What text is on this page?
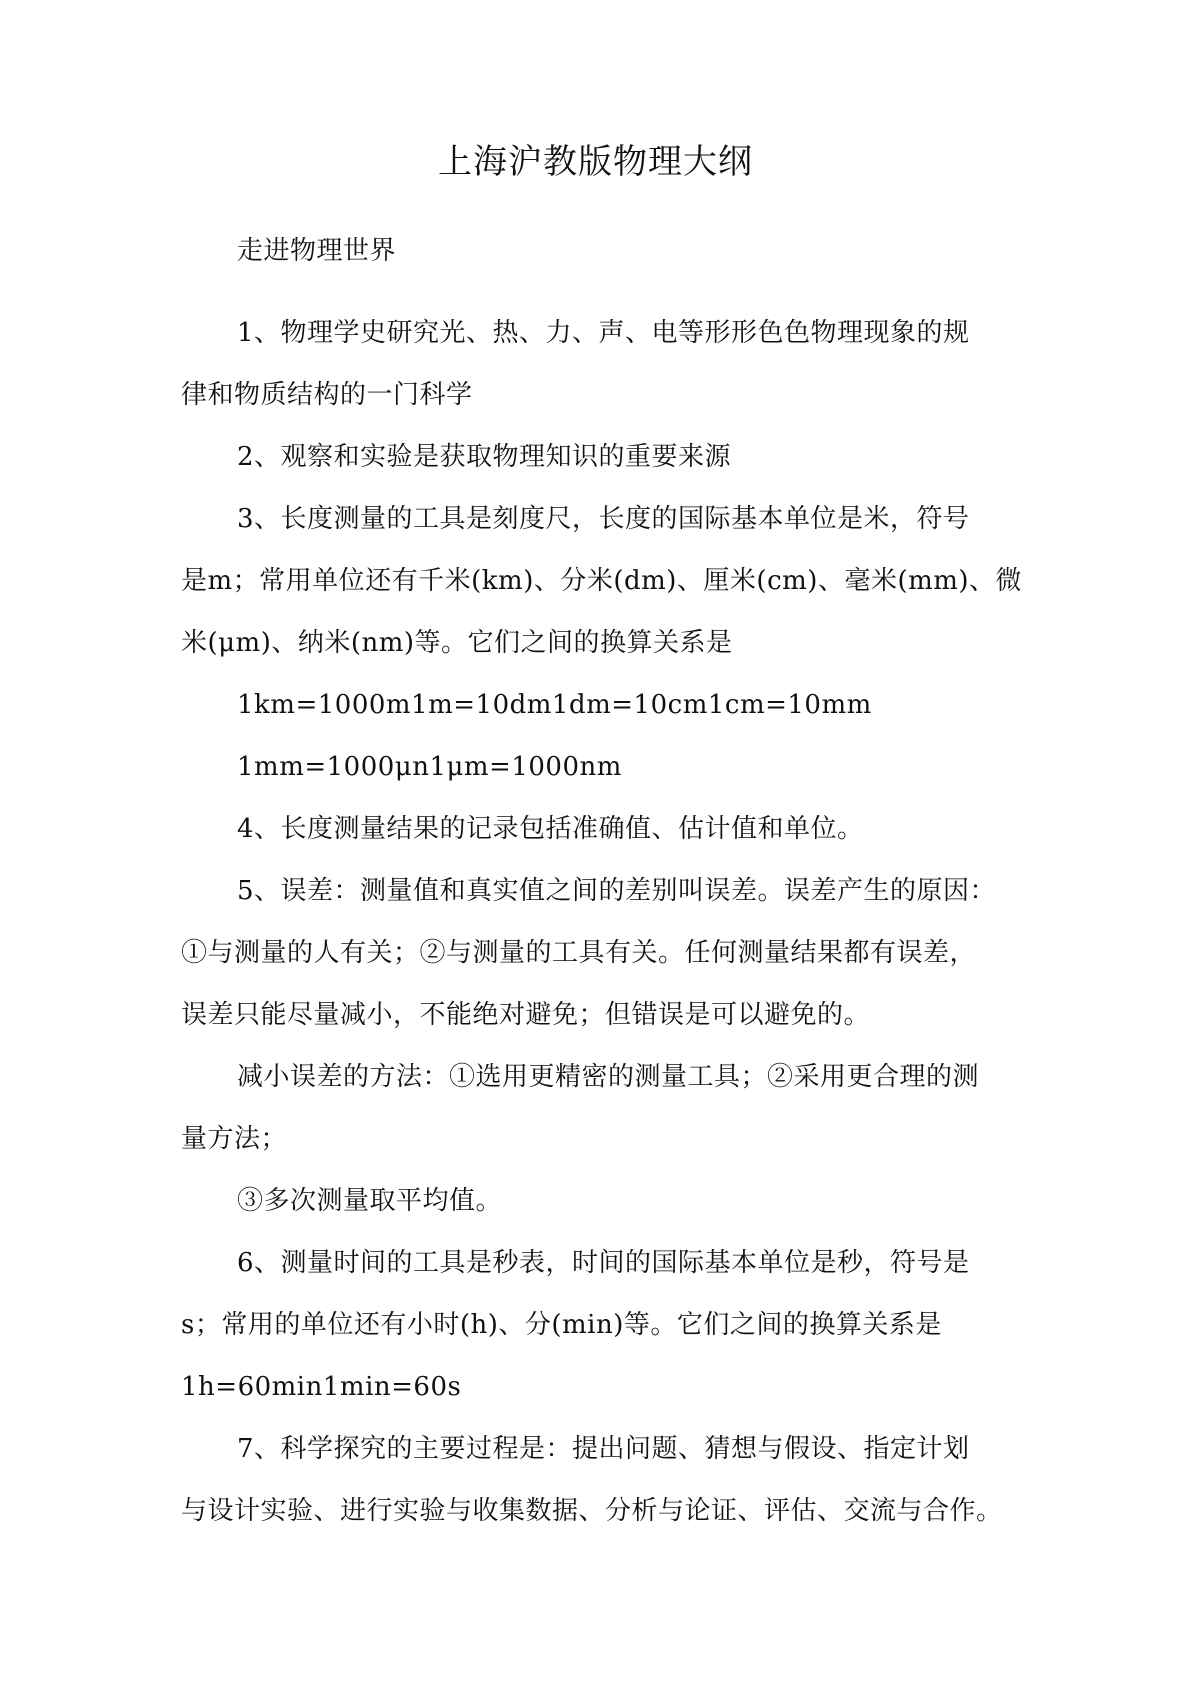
上海沪教版物理大纲

走进物理世界

1、物理学史研究光、热、力、声、电等形形色色物理现象的规

律和物质结构的一门科学

2、观察和实验是获取物理知识的重要来源

3、长度测量的工具是刻度尺，长度的国际基本单位是米，符号

是m；常用单位还有千米(km)、分米(dm)、厘米(cm)、毫米(mm)、微

米(μm)、纳米(nm)等。它们之间的换算关系是

1km=1000m1m=10dm1dm=10cm1cm=10mm

1mm=1000μn1μm=1000nm

4、长度测量结果的记录包括准确值、估计值和单位。

5、误差：测量值和真实值之间的差别叫误差。误差产生的原因：

①与测量的人有关；②与测量的工具有关。任何测量结果都有误差，

误差只能尽量减小，不能绝对避免；但错误是可以避免的。

减小误差的方法：①选用更精密的测量工具；②采用更合理的测

量方法；

③多次测量取平均值。

6、测量时间的工具是秒表，时间的国际基本单位是秒，符号是

s；常用的单位还有小时(h)、分(min)等。它们之间的换算关系是

1h=60min1min=60s

7、科学探究的主要过程是：提出问题、猜想与假设、指定计划

与设计实验、进行实验与收集数据、分析与论证、评估、交流与合作。
